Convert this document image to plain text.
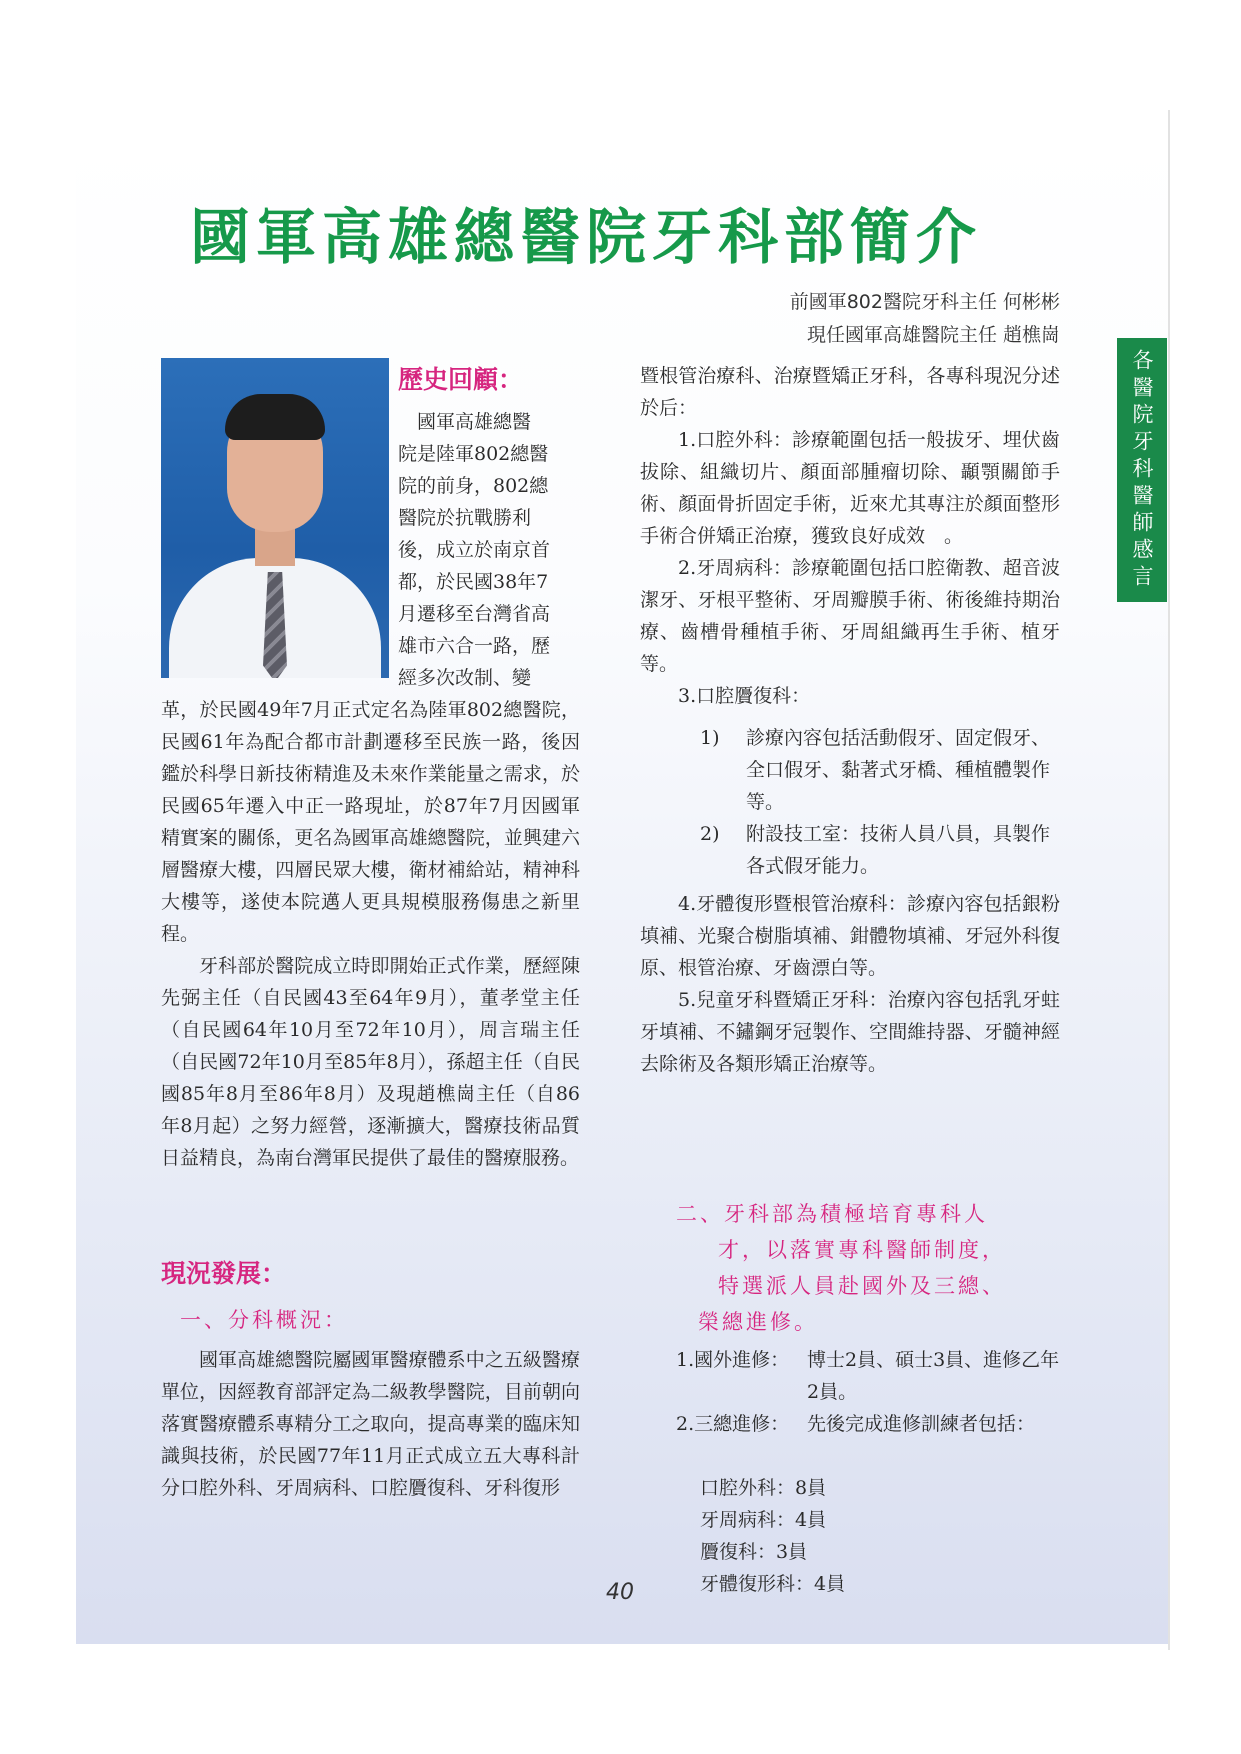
國軍高雄總醫院牙科部簡介
前國軍802醫院牙科主任 何彬彬
現任國軍高雄醫院主任 趙樵崗
各醫院牙科醫師感言
歷史回顧：

國軍高雄總醫

院是陸軍802總醫

院的前身，802總

醫院於抗戰勝利

後，成立於南京首

都，於民國38年7

月遷移至台灣省高

雄市六合一路，歷

經多次改制、變

革，於民國49年7月正式定名為陸軍802總醫院，民國61年為配合都市計劃遷移至民族一路，後因鑑於科學日新技術精進及未來作業能量之需求，於民國65年遷入中正一路現址，於87年7月因國軍精實案的關係，更名為國軍高雄總醫院，並興建六層醫療大樓，四層民眾大樓，衛材補給站，精神科大樓等，遂使本院邁人更具規模服務傷患之新里程。

牙科部於醫院成立時即開始正式作業，歷經陳先弼主任（自民國43至64年9月），董孝堂主任（自民國64年10月至72年10月），周言瑞主任（自民國72年10月至85年8月），孫超主任（自民國85年8月至86年8月）及現趙樵崗主任（自86年8月起）之努力經營，逐漸擴大，醫療技術品質日益精良，為南台灣軍民提供了最佳的醫療服務。

現況發展：
一、分科概況：

國軍高雄總醫院屬國軍醫療體系中之五級醫療單位，因經教育部評定為二級教學醫院，目前朝向落實醫療體系專精分工之取向，提高專業的臨床知識與技術，於民國77年11月正式成立五大專科計分口腔外科、牙周病科、口腔贗復科、牙科復形

暨根管治療科、治療暨矯正牙科，各專科現況分述於后：

1.口腔外科：診療範圍包括一般拔牙、埋伏齒拔除、組織切片、顏面部腫瘤切除、顳顎關節手術、顏面骨折固定手術，近來尤其專注於顏面整形手術合併矯正治療，獲致良好成效　。

2.牙周病科：診療範圍包括口腔衛教、超音波潔牙、牙根平整術、牙周瓣膜手術、術後維持期治療、齒槽骨種植手術、牙周組織再生手術、植牙等。

3.口腔贗復科：

1) 診療內容包括活動假牙、固定假牙、全口假牙、黏著式牙橋、種植體製作等。
2) 附設技工室：技術人員八員，具製作各式假牙能力。

4.牙體復形暨根管治療科：診療內容包括銀粉填補、光聚合樹脂填補、鉗體物填補、牙冠外科復原、根管治療、牙齒漂白等。

5.兒童牙科暨矯正牙科：治療內容包括乳牙蛀牙填補、不鏽鋼牙冠製作、空間維持器、牙髓神經去除術及各類形矯正治療等。

二、牙科部為積極培育專科人
才，以落實專科醫師制度，
特選派人員赴國外及三總、
榮總進修。
1.國外進修： 博士2員、碩士3員、進修乙年2員。
2.三總進修： 先後完成進修訓練者包括：
口腔外科：8員
牙周病科：4員
贗復科：3員
牙體復形科：4員
40
